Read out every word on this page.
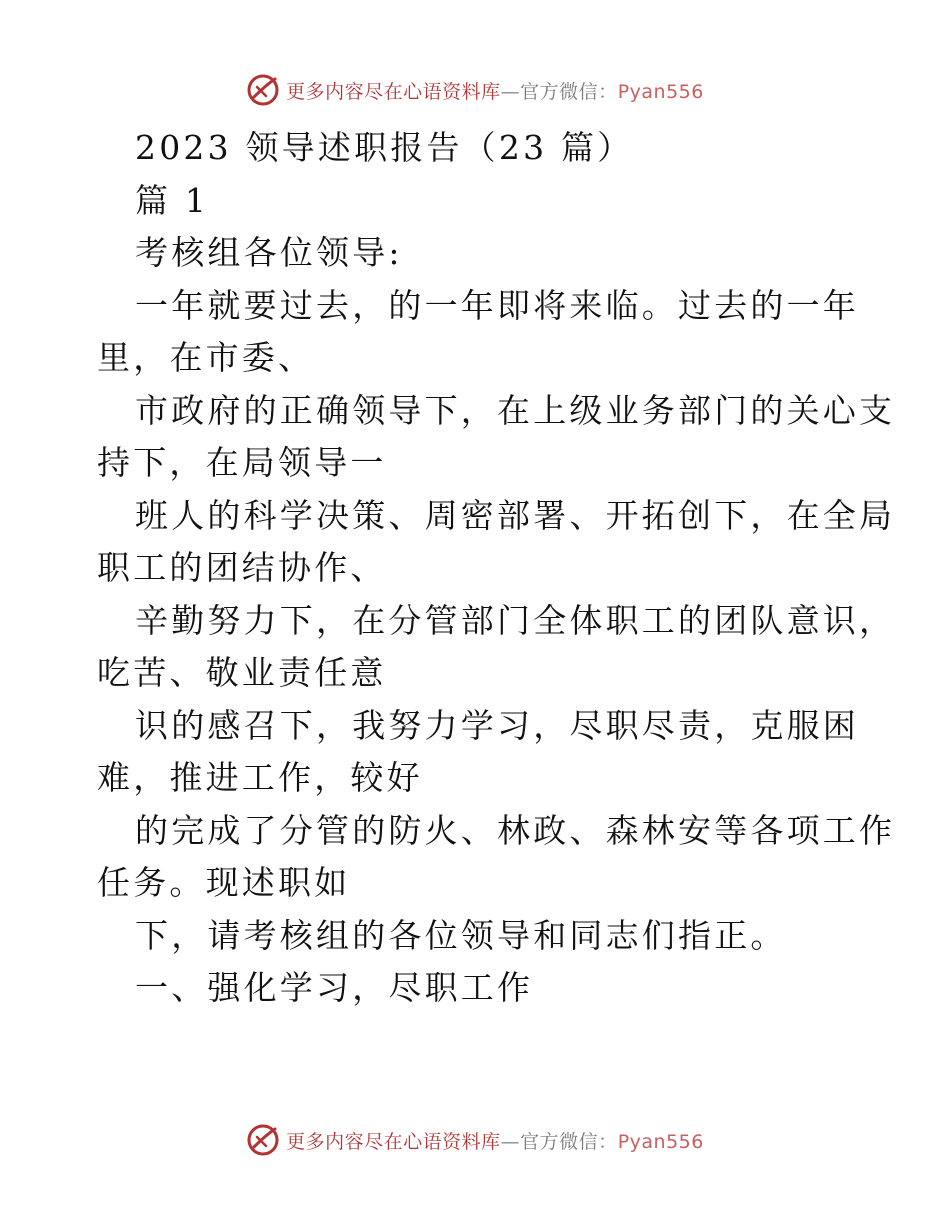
更多内容尽在心语资料库—官方微信：Pyan556
2023 领导述职报告（23 篇）
篇 1
考核组各位领导:
一年就要过去，的一年即将来临。过去的一年
里，在市委、
市政府的正确领导下，在上级业务部门的关心支
持下，在局领导一
班人的科学决策、周密部署、开拓创下，在全局
职工的团结协作、
辛勤努力下，在分管部门全体职工的团队意识，
吃苦、敬业责任意
识的感召下，我努力学习，尽职尽责，克服困
难，推进工作，较好
的完成了分管的防火、林政、森林安等各项工作
任务。现述职如
下，请考核组的各位领导和同志们指正。
一、强化学习，尽职工作
更多内容尽在心语资料库—官方微信：Pyan556
